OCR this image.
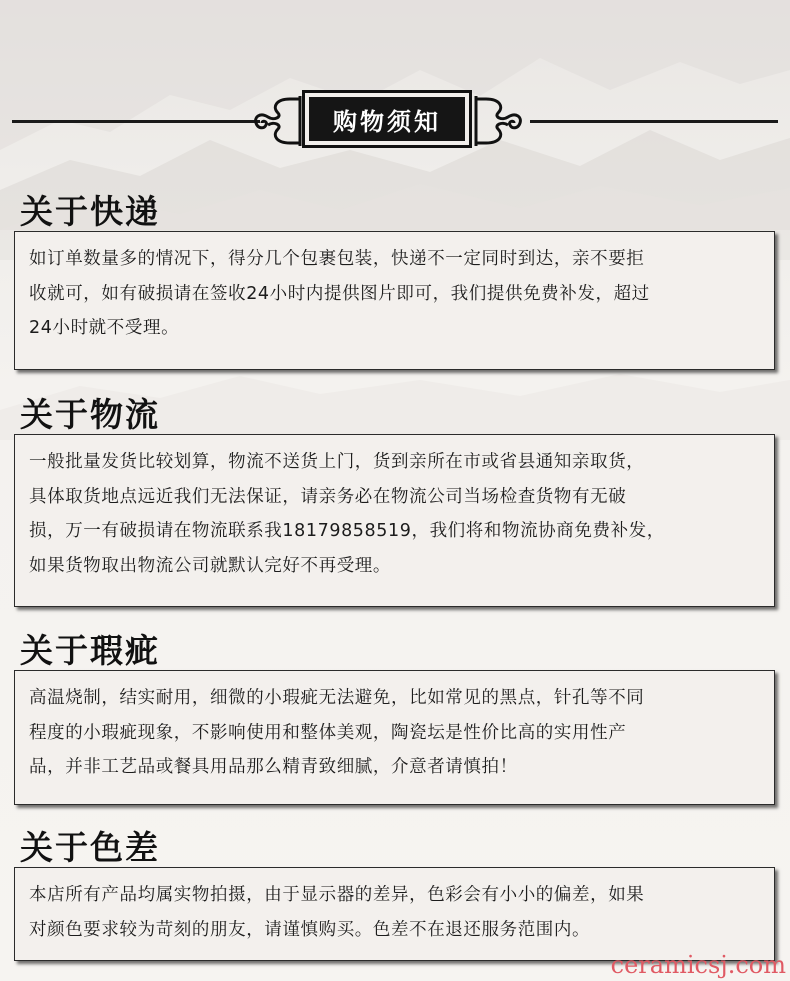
购物须知
关于快递

如订单数量多的情况下，得分几个包裹包装，快递不一定同时到达，亲不要拒

收就可，如有破损请在签收24小时内提供图片即可，我们提供免费补发，超过

24小时就不受理。

关于物流

一般批量发货比较划算，物流不送货上门，货到亲所在市或省县通知亲取货，

具体取货地点远近我们无法保证，请亲务必在物流公司当场检查货物有无破

损，万一有破损请在物流联系我18179858519，我们将和物流协商免费补发，

如果货物取出物流公司就默认完好不再受理。

关于瑕疵

高温烧制，结实耐用，细微的小瑕疵无法避免，比如常见的黑点，针孔等不同

程度的小瑕疵现象，不影响使用和整体美观，陶瓷坛是性价比高的实用性产

品，并非工艺品或餐具用品那么精青致细腻，介意者请慎拍！

关于色差

本店所有产品均属实物拍摄，由于显示器的差异，色彩会有小小的偏差，如果

对颜色要求较为苛刻的朋友，请谨慎购买。色差不在退还服务范围内。

ceramicsj.com
